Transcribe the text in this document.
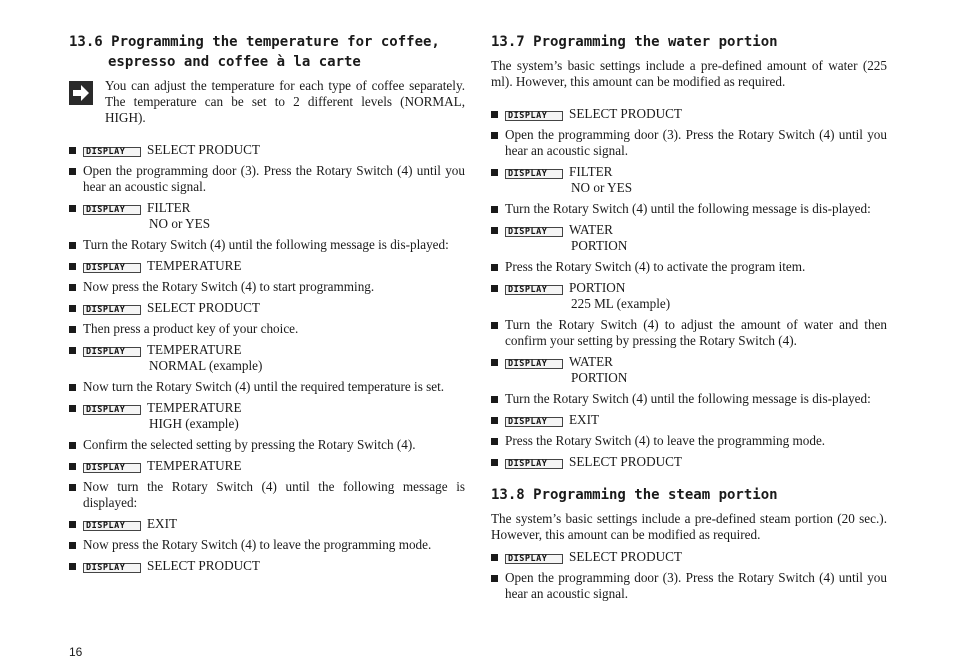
13.6 Programming the temperature for coffee,
espresso and coffee à la carte

You can adjust the temperature for each type of coffee separately. The temperature can be set to 2 different levels (NORMAL, HIGH).

DISPLAY	SELECT PRODUCT
Open the programming door (3). Press the Rotary Switch (4) until you hear an acoustic signal.
DISPLAY	FILTER
NO or YES
Turn the Rotary Switch (4) until the following message is dis-played:
DISPLAY	TEMPERATURE
Now press the Rotary Switch (4) to start programming.
DISPLAY	SELECT PRODUCT
Then press a product key of your choice.
DISPLAY	TEMPERATURE
NORMAL (example)
Now turn the Rotary Switch (4) until the required temperature is set.
DISPLAY	TEMPERATURE
HIGH (example)
Confirm the selected setting by pressing the Rotary Switch (4).
DISPLAY	TEMPERATURE
Now turn the Rotary Switch (4) until the following message is displayed:
DISPLAY	EXIT
Now press the Rotary Switch (4) to leave the programming mode.
DISPLAY	SELECT PRODUCT
13.7 Programming the water portion

The system’s basic settings include a pre-defined amount of water (225 ml). However, this amount can be modified as required.

DISPLAY	SELECT PRODUCT
Open the programming door (3). Press the Rotary Switch (4) until you hear an acoustic signal.
DISPLAY	FILTER
NO or YES
Turn the Rotary Switch (4) until the following message is dis-played:
DISPLAY	WATER
PORTION
Press the Rotary Switch (4) to activate the program item.
DISPLAY	PORTION
225 ML (example)
Turn the Rotary Switch (4) to adjust the amount of water and then confirm your setting by pressing the Rotary Switch (4).
DISPLAY	WATER
PORTION
Turn the Rotary Switch (4) until the following message is dis-played:
DISPLAY	EXIT
Press the Rotary Switch (4) to leave the programming mode.
DISPLAY	SELECT PRODUCT
13.8 Programming the steam portion

The system’s basic settings include a pre-defined steam portion (20 sec.). However, this amount can be modified as required.

DISPLAY	SELECT PRODUCT
Open the programming door (3). Press the Rotary Switch (4) until you hear an acoustic signal.
16
